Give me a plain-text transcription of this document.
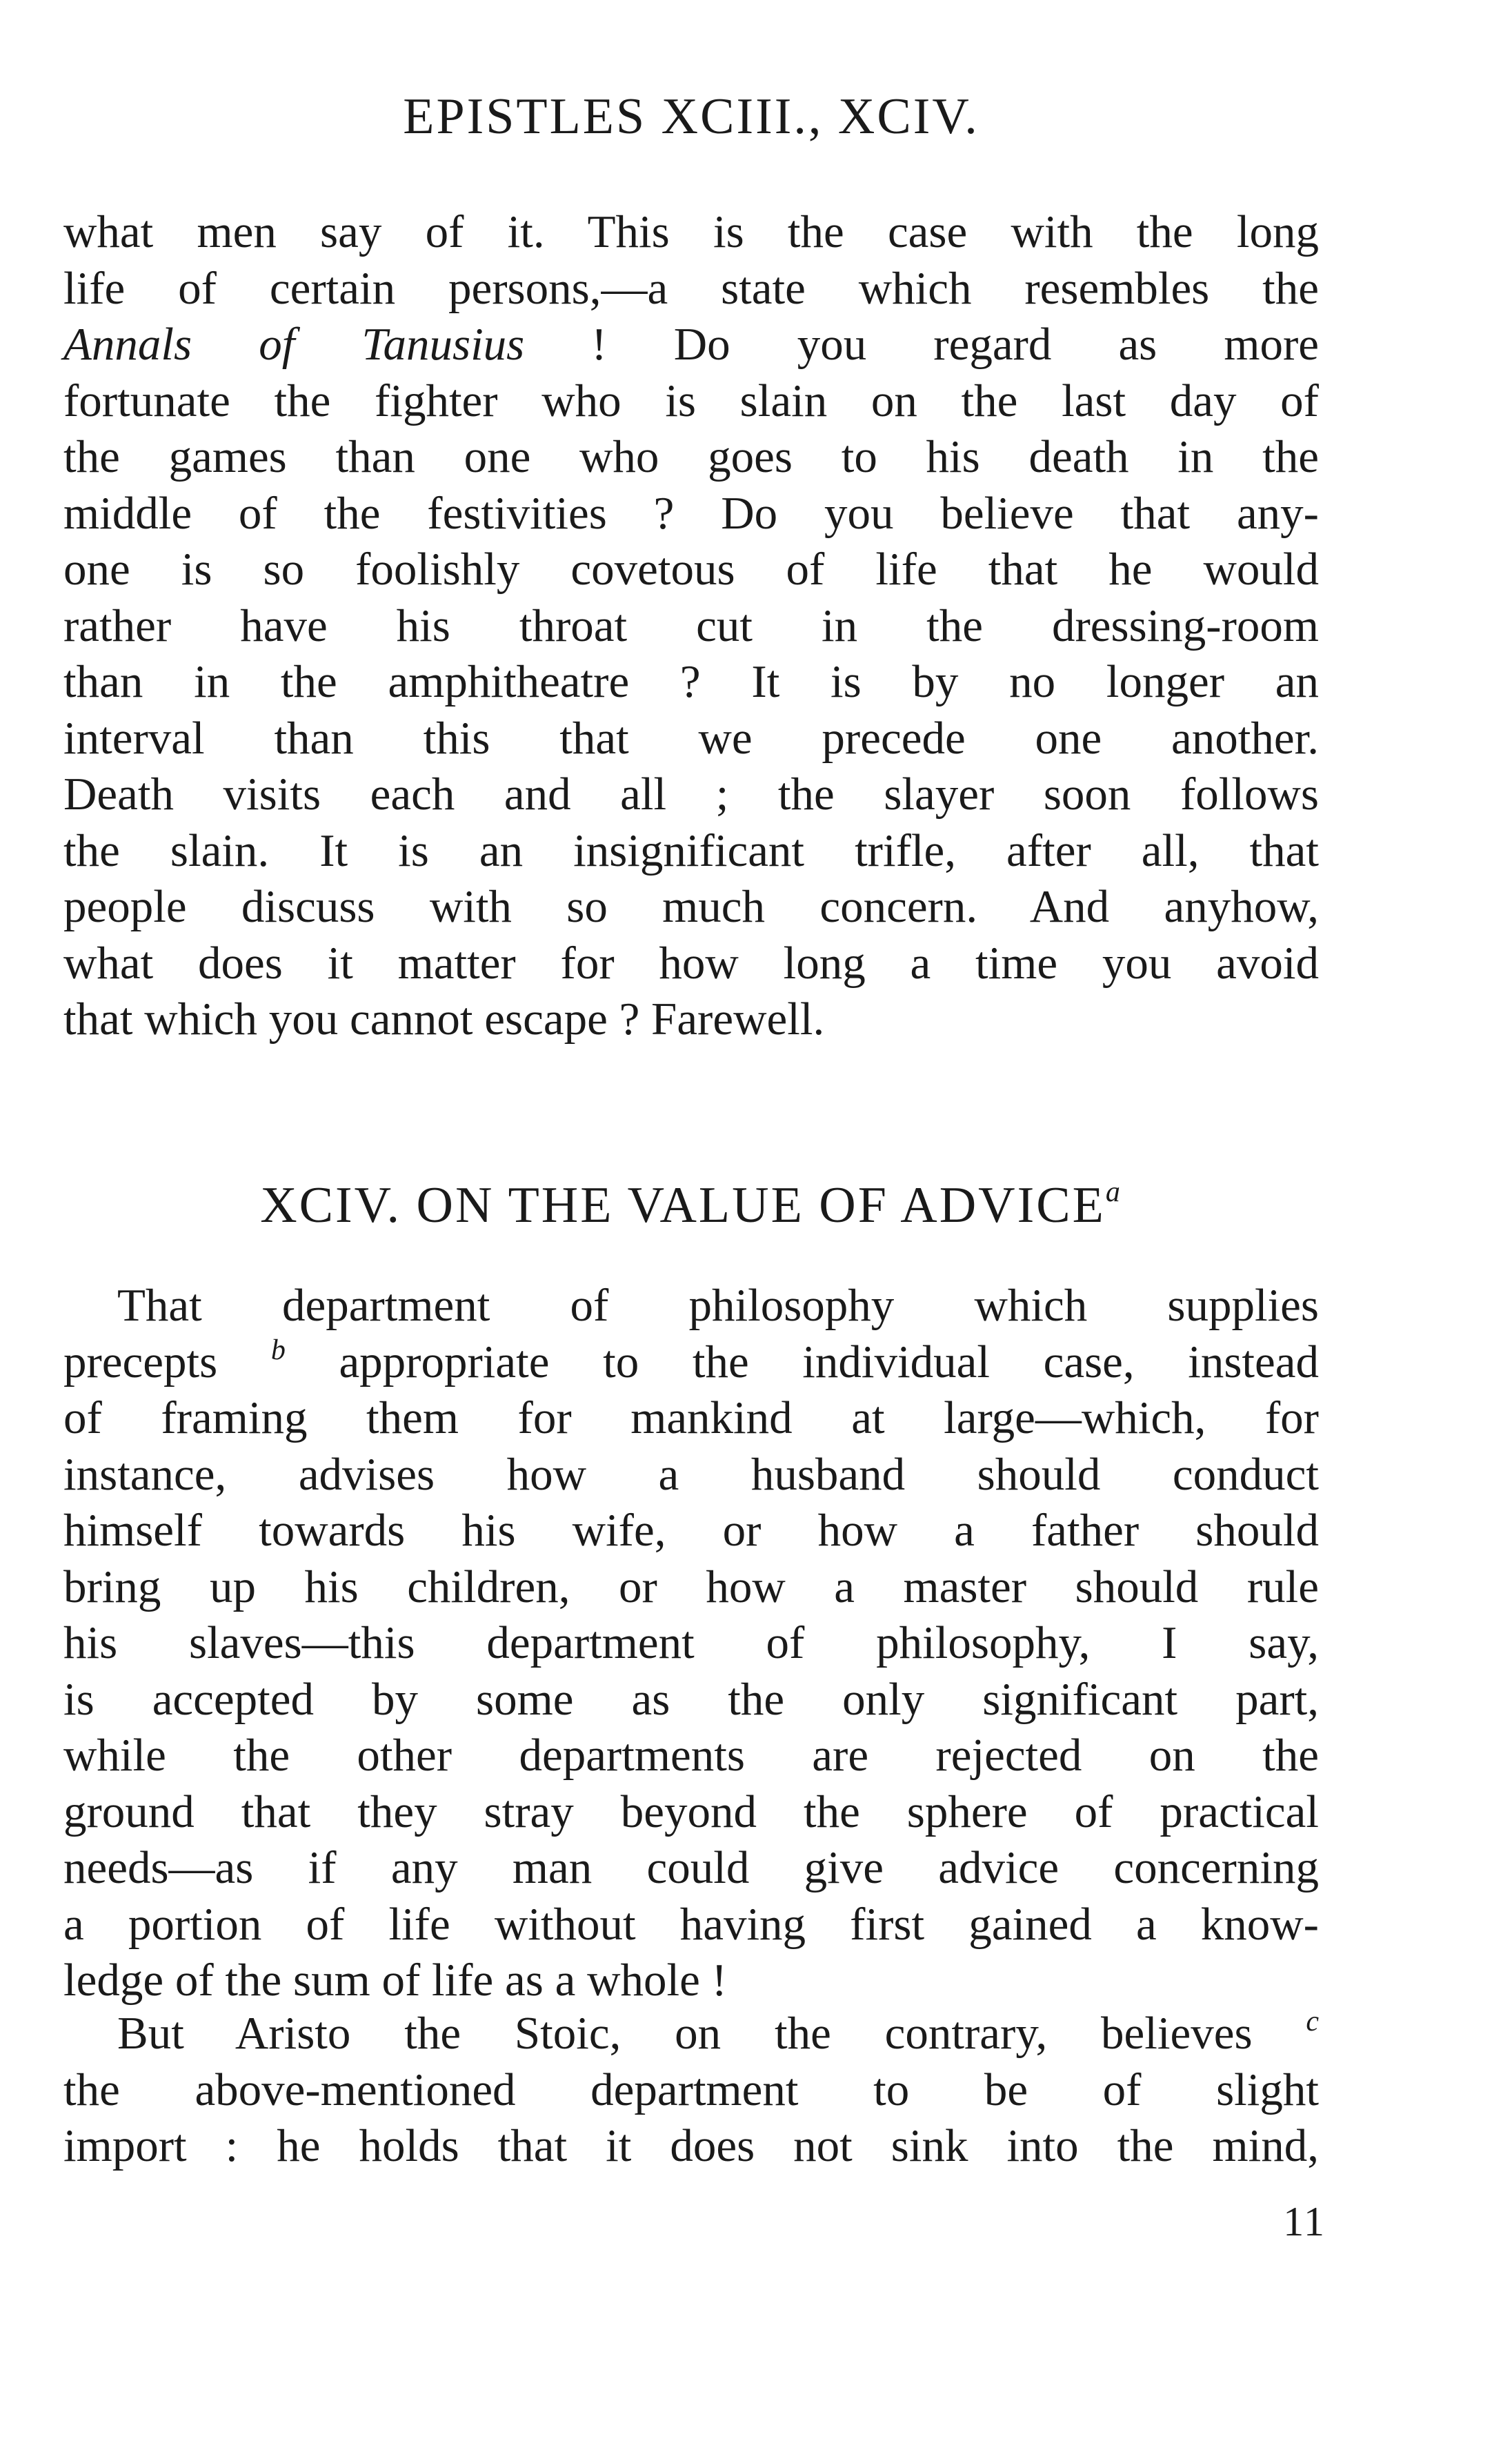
EPISTLES XCIII., XCIV.
what men say of it. This is the case with the long
life of certain persons,—a state which resembles the
Annals of Tanusius ! Do you regard as more
fortunate the fighter who is slain on the last day of
the games than one who goes to his death in the
middle of the festivities ? Do you believe that any-
one is so foolishly covetous of life that he would
rather have his throat cut in the dressing-room
than in the amphitheatre ? It is by no longer an
interval than this that we precede one another.
Death visits each and all ; the slayer soon follows
the slain. It is an insignificant trifle, after all, that
people discuss with so much concern. And anyhow,
what does it matter for how long a time you avoid
that which you cannot escape ? Farewell.
XCIV. ON THE VALUE OF ADVICE$^a$
That department of philosophy which supplies
precepts $^b$ appropriate to the individual case, instead
of framing them for mankind at large—which, for
instance, advises how a husband should conduct
himself towards his wife, or how a father should
bring up his children, or how a master should rule
his slaves—this department of philosophy, I say,
is accepted by some as the only significant part,
while the other departments are rejected on the
ground that they stray beyond the sphere of practical
needs—as if any man could give advice concerning
a portion of life without having first gained a know-
ledge of the sum of life as a whole !
But Aristo the Stoic, on the contrary, believes $^c$
the above-mentioned department to be of slight
import : he holds that it does not sink into the mind,
11
